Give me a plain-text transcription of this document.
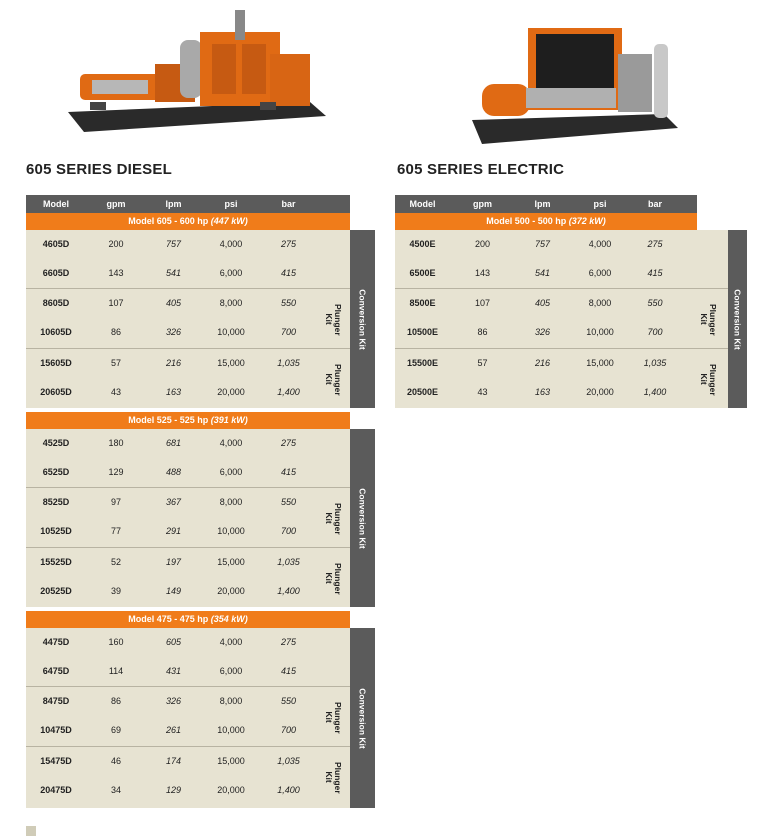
605 SERIES DIESEL	605 SERIES ELECTRIC
Model	gpm	lpm	psi	bar
Model 605 - 600 hp (447 kW)
4605D	200	757	4,000	275
6605D	143	541	6,000	415
8605D	107	405	8,000	550
10605D	86	326	10,000	700
15605D	57	216	15,000	1,035
20605D	43	163	20,000	1,400
Plunger Kit
Plunger Kit
Conversion Kit
Model 525 - 525 hp (391 kW)
4525D	180	681	4,000	275
6525D	129	488	6,000	415
8525D	97	367	8,000	550
10525D	77	291	10,000	700
15525D	52	197	15,000	1,035
20525D	39	149	20,000	1,400
Plunger Kit
Plunger Kit
Conversion Kit
Model 475 - 475 hp (354 kW)
4475D	160	605	4,000	275
6475D	114	431	6,000	415
8475D	86	326	8,000	550
10475D	69	261	10,000	700
15475D	46	174	15,000	1,035
20475D	34	129	20,000	1,400
Plunger Kit
Plunger Kit
Conversion Kit
Model	gpm	lpm	psi	bar
Model 500 - 500 hp (372 kW)
4500E	200	757	4,000	275
6500E	143	541	6,000	415
8500E	107	405	8,000	550
10500E	86	326	10,000	700
15500E	57	216	15,000	1,035
20500E	43	163	20,000	1,400
Plunger Kit
Plunger Kit
Conversion Kit
